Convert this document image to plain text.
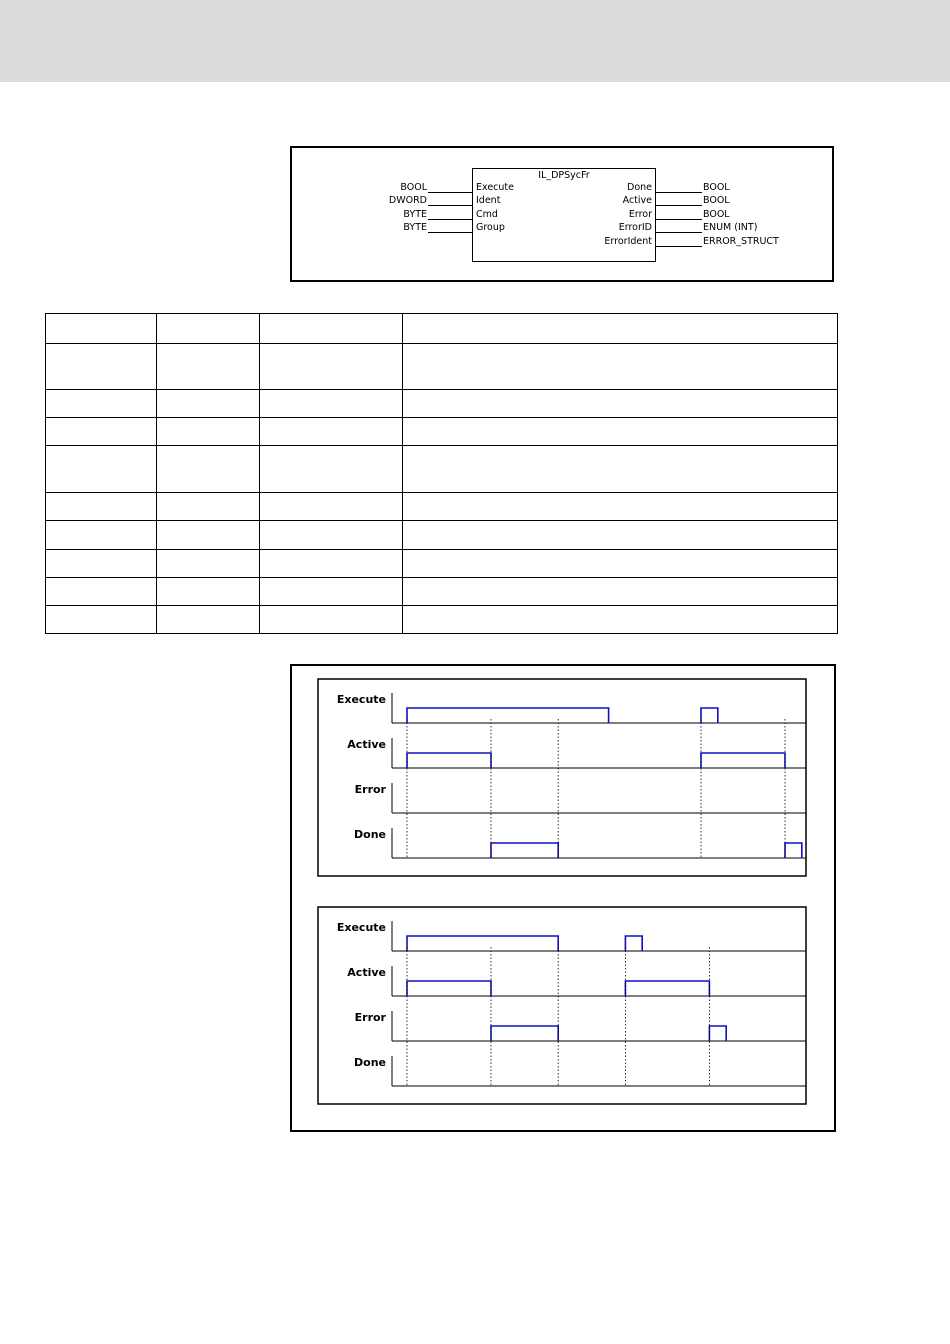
BOOL
DWORD
BYTE
BYTE
IL_DPSycFr
Execute
Ident
Cmd
Group
Done
Active
Error
ErrorID
ErrorIdent
BOOL
BOOL
BOOL
ENUM (INT)
ERROR_STRUCT

Execute
Active
Error
Done
Execute
Active
Error
Done
